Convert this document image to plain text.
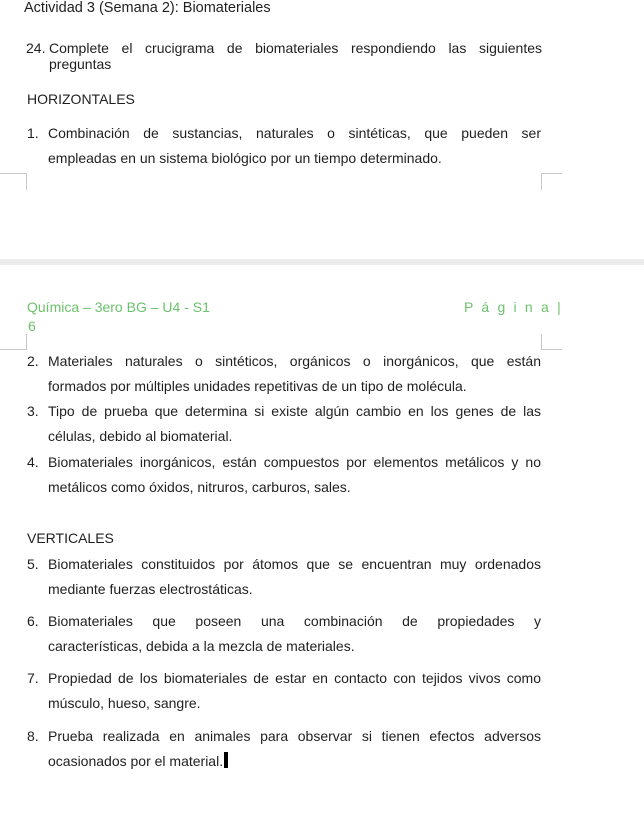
Actividad 3 (Semana 2): Biomateriales
24. Complete el crucigrama de biomateriales respondiendo las siguientes
preguntas
HORIZONTALES
1. Combinación de sustancias, naturales o sintéticas, que pueden ser
empleadas en un sistema biológico por un tiempo determinado.
Química – 3ero BG – U4 - S1	P á g i n a |
6
2. Materiales naturales o sintéticos, orgánicos o inorgánicos, que están
formados por múltiples unidades repetitivas de un tipo de molécula.
3. Tipo de prueba que determina si existe algún cambio en los genes de las
células, debido al biomaterial.
4. Biomateriales inorgánicos, están compuestos por elementos metálicos y no
metálicos como óxidos, nitruros, carburos, sales.
VERTICALES
5. Biomateriales constituidos por átomos que se encuentran muy ordenados
mediante fuerzas electrostáticas.
6. Biomateriales que poseen una combinación de propiedades y
características, debida a la mezcla de materiales.
7. Propiedad de los biomateriales de estar en contacto con tejidos vivos como
músculo, hueso, sangre.
8. Prueba realizada en animales para observar si tienen efectos adversos
ocasionados por el material.
